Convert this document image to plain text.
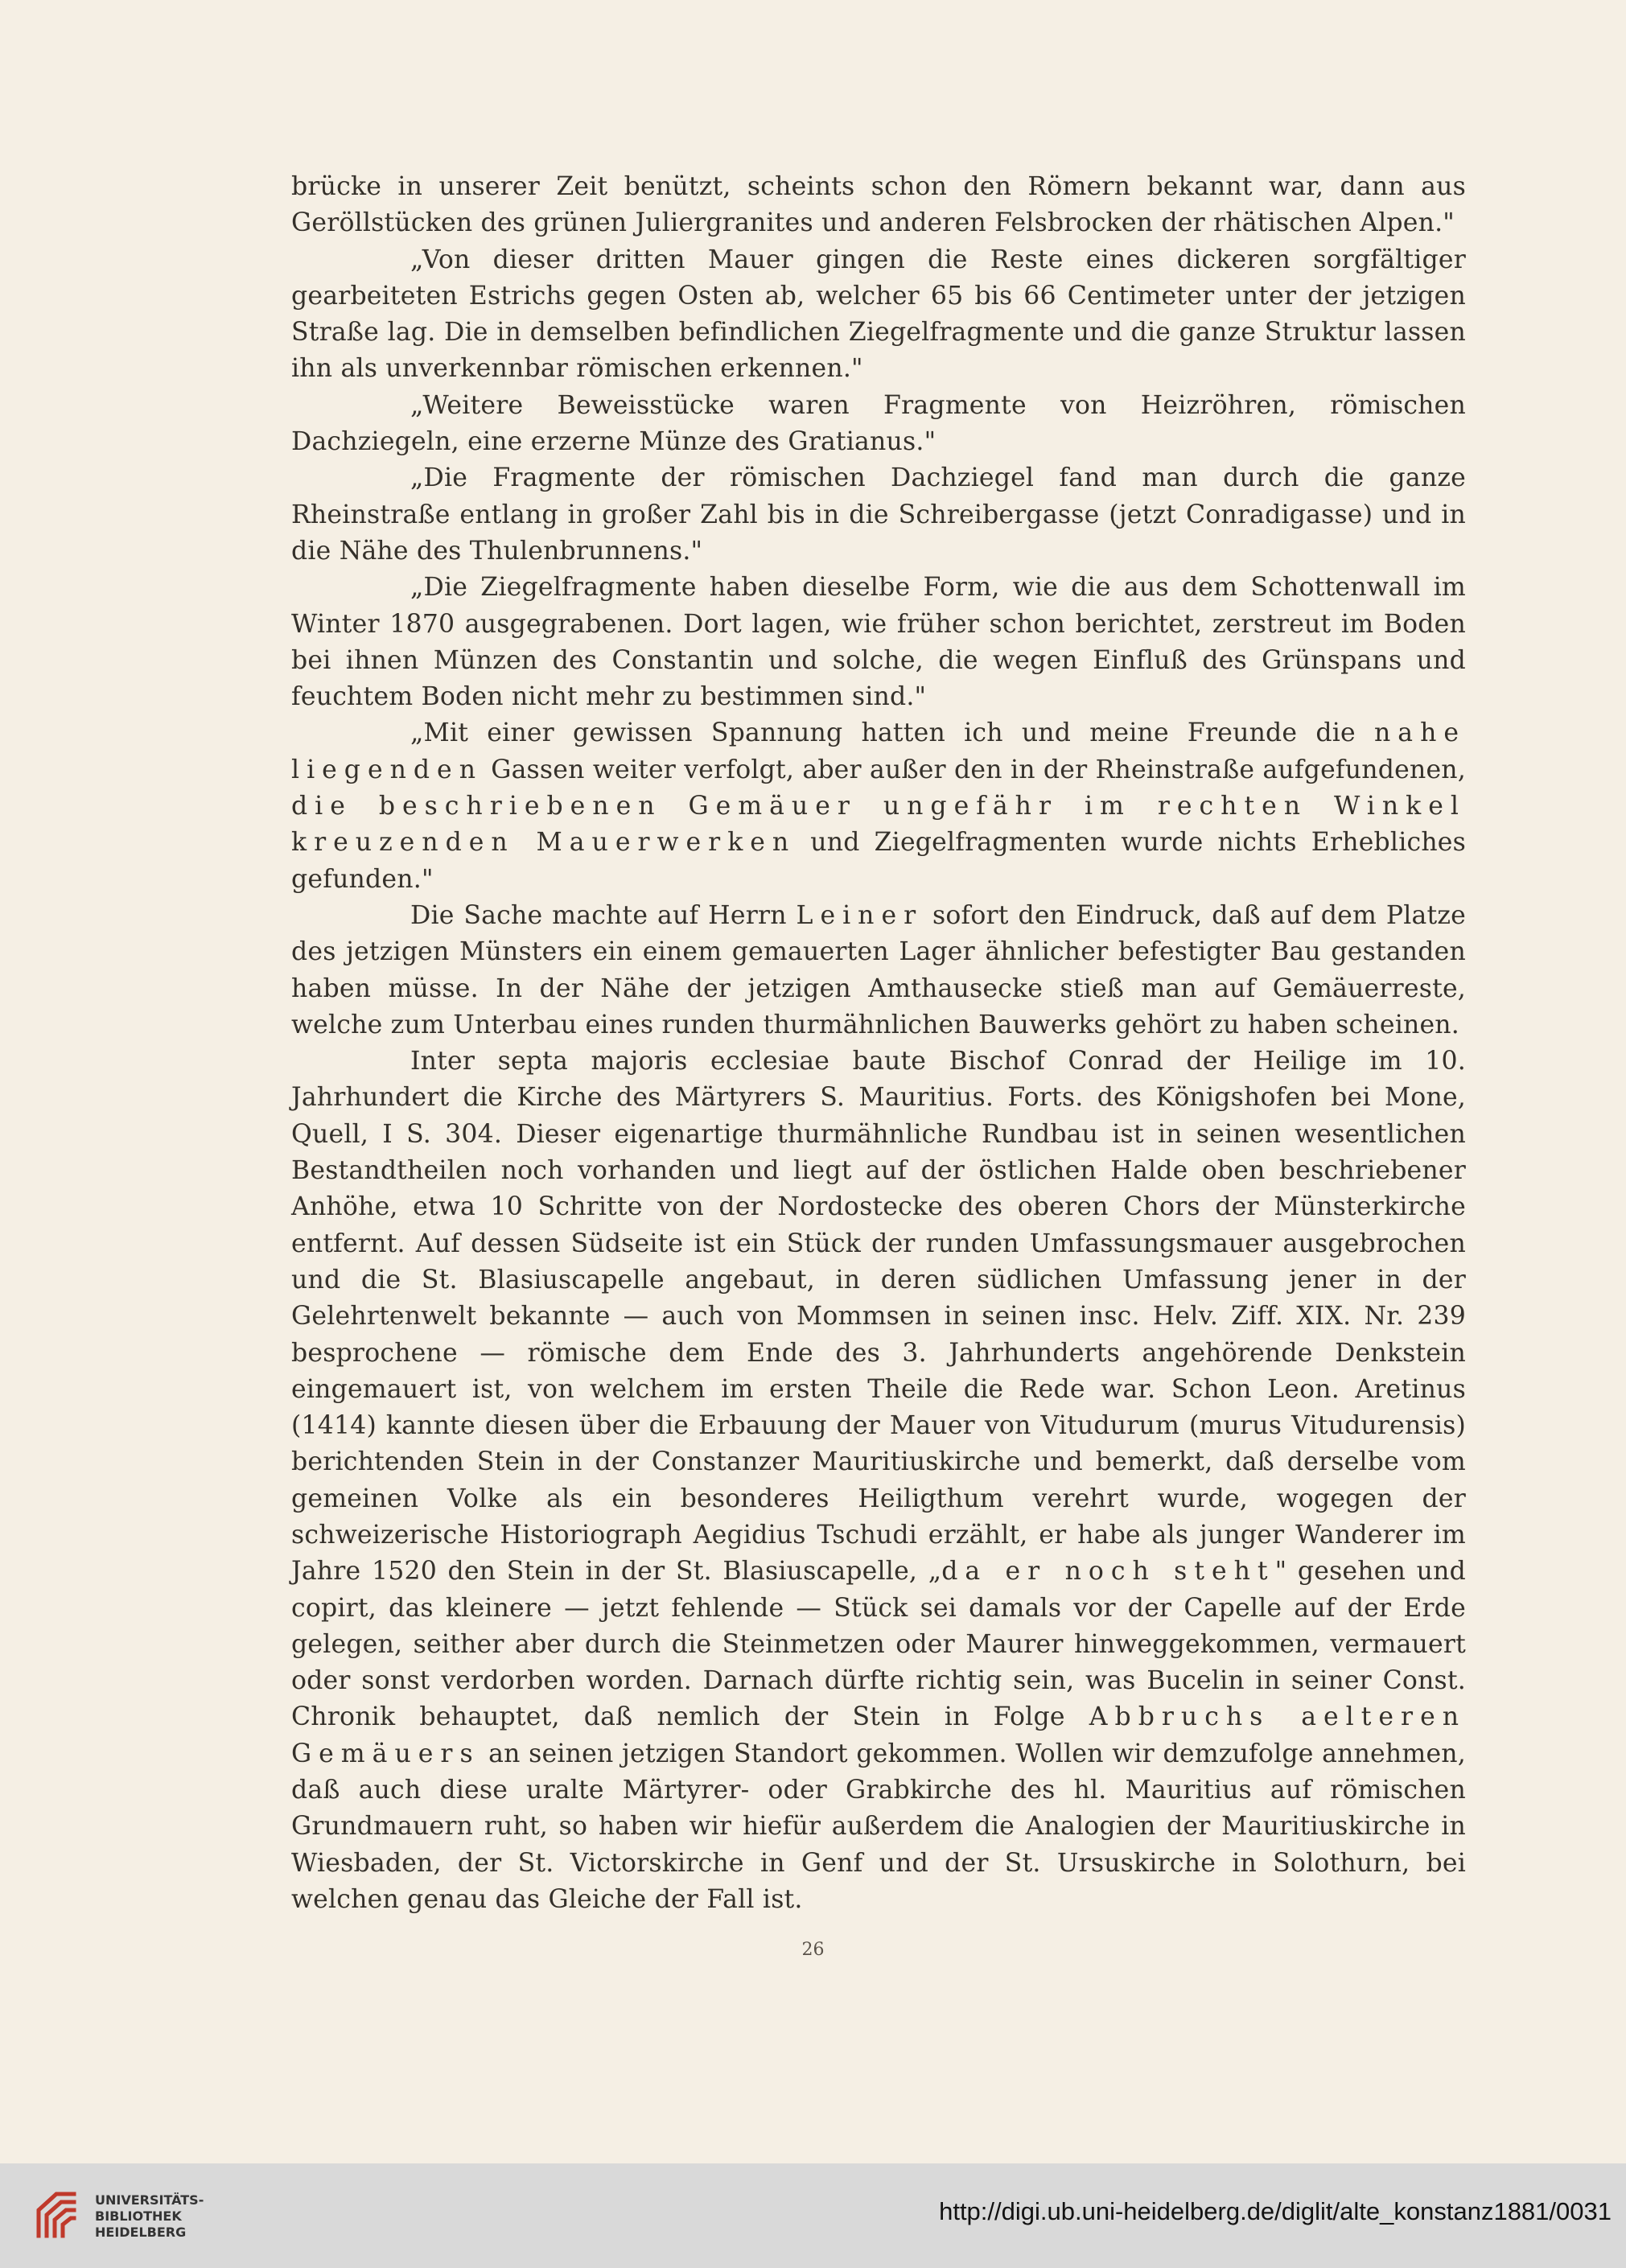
brücke in unserer Zeit benützt, scheints schon den Römern bekannt war, dann aus Geröllstücken des grünen Juliergranites und anderen Felsbrocken der rhätischen Alpen."

„Von dieser dritten Mauer gingen die Reste eines dickeren sorgfältiger gearbeiteten Estrichs gegen Osten ab, welcher 65 bis 66 Centimeter unter der jetzigen Straße lag. Die in demselben befindlichen Ziegelfragmente und die ganze Struktur lassen ihn als unverkennbar römischen erkennen."

„Weitere Beweisstücke waren Fragmente von Heizröhren, römischen Dachziegeln, eine erzerne Münze des Gratianus."

„Die Fragmente der römischen Dachziegel fand man durch die ganze Rheinstraße entlang in großer Zahl bis in die Schreibergasse (jetzt Conradigasse) und in die Nähe des Thulenbrunnens."

„Die Ziegelfragmente haben dieselbe Form, wie die aus dem Schottenwall im Winter 1870 ausgegrabenen. Dort lagen, wie früher schon berichtet, zerstreut im Boden bei ihnen Münzen des Constantin und solche, die wegen Einfluß des Grünspans und feuchtem Boden nicht mehr zu bestimmen sind."

„Mit einer gewissen Spannung hatten ich und meine Freunde die nahe liegenden Gassen weiter verfolgt, aber außer den in der Rheinstraße aufgefundenen, die beschriebenen Gemäuer ungefähr im rechten Winkel kreuzenden Mauerwerken und Ziegelfragmenten wurde nichts Erhebliches gefunden."

Die Sache machte auf Herrn Leiner sofort den Eindruck, daß auf dem Platze des jetzigen Münsters ein einem gemauerten Lager ähnlicher befestigter Bau gestanden haben müsse. In der Nähe der jetzigen Amthausecke stieß man auf Gemäuerreste, welche zum Unterbau eines runden thurmähnlichen Bauwerks gehört zu haben scheinen.

Inter septa majoris ecclesiae baute Bischof Conrad der Heilige im 10. Jahrhundert die Kirche des Märtyrers S. Mauritius. Forts. des Königshofen bei Mone, Quell, I S. 304. Dieser eigenartige thurmähnliche Rundbau ist in seinen wesentlichen Bestandtheilen noch vorhanden und liegt auf der östlichen Halde oben beschriebener Anhöhe, etwa 10 Schritte von der Nordostecke des oberen Chors der Münsterkirche entfernt. Auf dessen Südseite ist ein Stück der runden Umfassungsmauer ausgebrochen und die St. Blasiuscapelle angebaut, in deren südlichen Umfassung jener in der Gelehrtenwelt bekannte — auch von Mommsen in seinen insc. Helv. Ziff. XIX. Nr. 239 besprochene — römische dem Ende des 3. Jahrhunderts angehörende Denkstein eingemauert ist, von welchem im ersten Theile die Rede war. Schon Leon. Aretinus (1414) kannte diesen über die Erbauung der Mauer von Vitudurum (murus Vitudurensis) berichtenden Stein in der Constanzer Mauritiuskirche und bemerkt, daß derselbe vom gemeinen Volke als ein besonderes Heiligthum verehrt wurde, wogegen der schweizerische Historiograph Aegidius Tschudi erzählt, er habe als junger Wanderer im Jahre 1520 den Stein in der St. Blasiuscapelle, „da er noch steht" gesehen und copirt, das kleinere — jetzt fehlende — Stück sei damals vor der Capelle auf der Erde gelegen, seither aber durch die Steinmetzen oder Maurer hinweggekommen, vermauert oder sonst verdorben worden. Darnach dürfte richtig sein, was Bucelin in seiner Const. Chronik behauptet, daß nemlich der Stein in Folge Abbruchs aelteren Gemäuers an seinen jetzigen Standort gekommen. Wollen wir demzufolge annehmen, daß auch diese uralte Märtyrer- oder Grabkirche des hl. Mauritius auf römischen Grundmauern ruht, so haben wir hiefür außerdem die Analogien der Mauritiuskirche in Wiesbaden, der St. Victorskirche in Genf und der St. Ursuskirche in Solothurn, bei welchen genau das Gleiche der Fall ist.

26
UNIVERSITÄTS-
BIBLIOTHEK
HEIDELBERG
http://digi.ub.uni-heidelberg.de/diglit/alte_konstanz1881/0031
